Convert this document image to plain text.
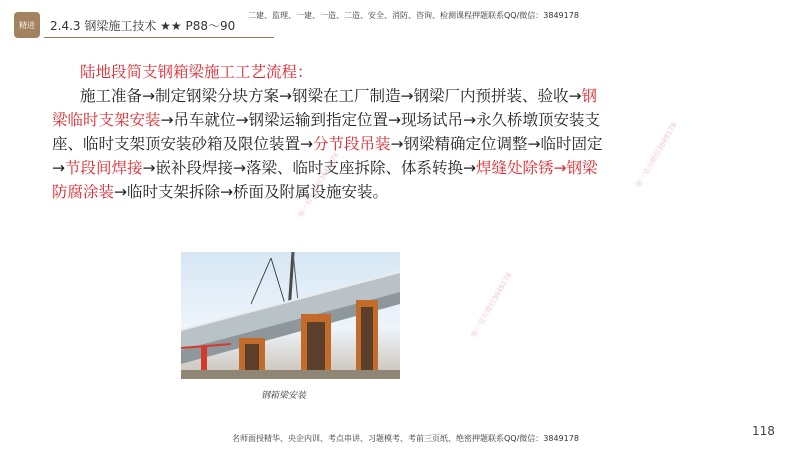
精进	2.4.3 钢梁施工技术 ★★ P88～90
二建、监理、一建、一造、二造、安全、消防、咨询、检测课程押题联系QQ/微信：3849178
陆地段简支钢箱梁施工工艺流程：
施工准备→制定钢梁分块方案→钢梁在工厂制造→钢梁厂内预拼装、验收→钢梁临时支架安装→吊车就位→钢梁运输到指定位置→现场试吊→永久桥墩顶安装支座、临时支架顶安装砂箱及限位装置→分节段吊装→钢梁精确定位调整→临时固定→节段间焊接→嵌补段焊接→落梁、临时支座拆除、体系转换→焊缝处除锈→钢梁防腐涂装→临时支架拆除→桥面及附属设施安装。
钢箱梁安装
唯一官方微信3849178
唯一官方微信3849178
唯一官方微信3849178
118
名师面授精华、央企内训、考点串讲、习题模考、考前三页纸、绝密押题联系QQ/微信：3849178
